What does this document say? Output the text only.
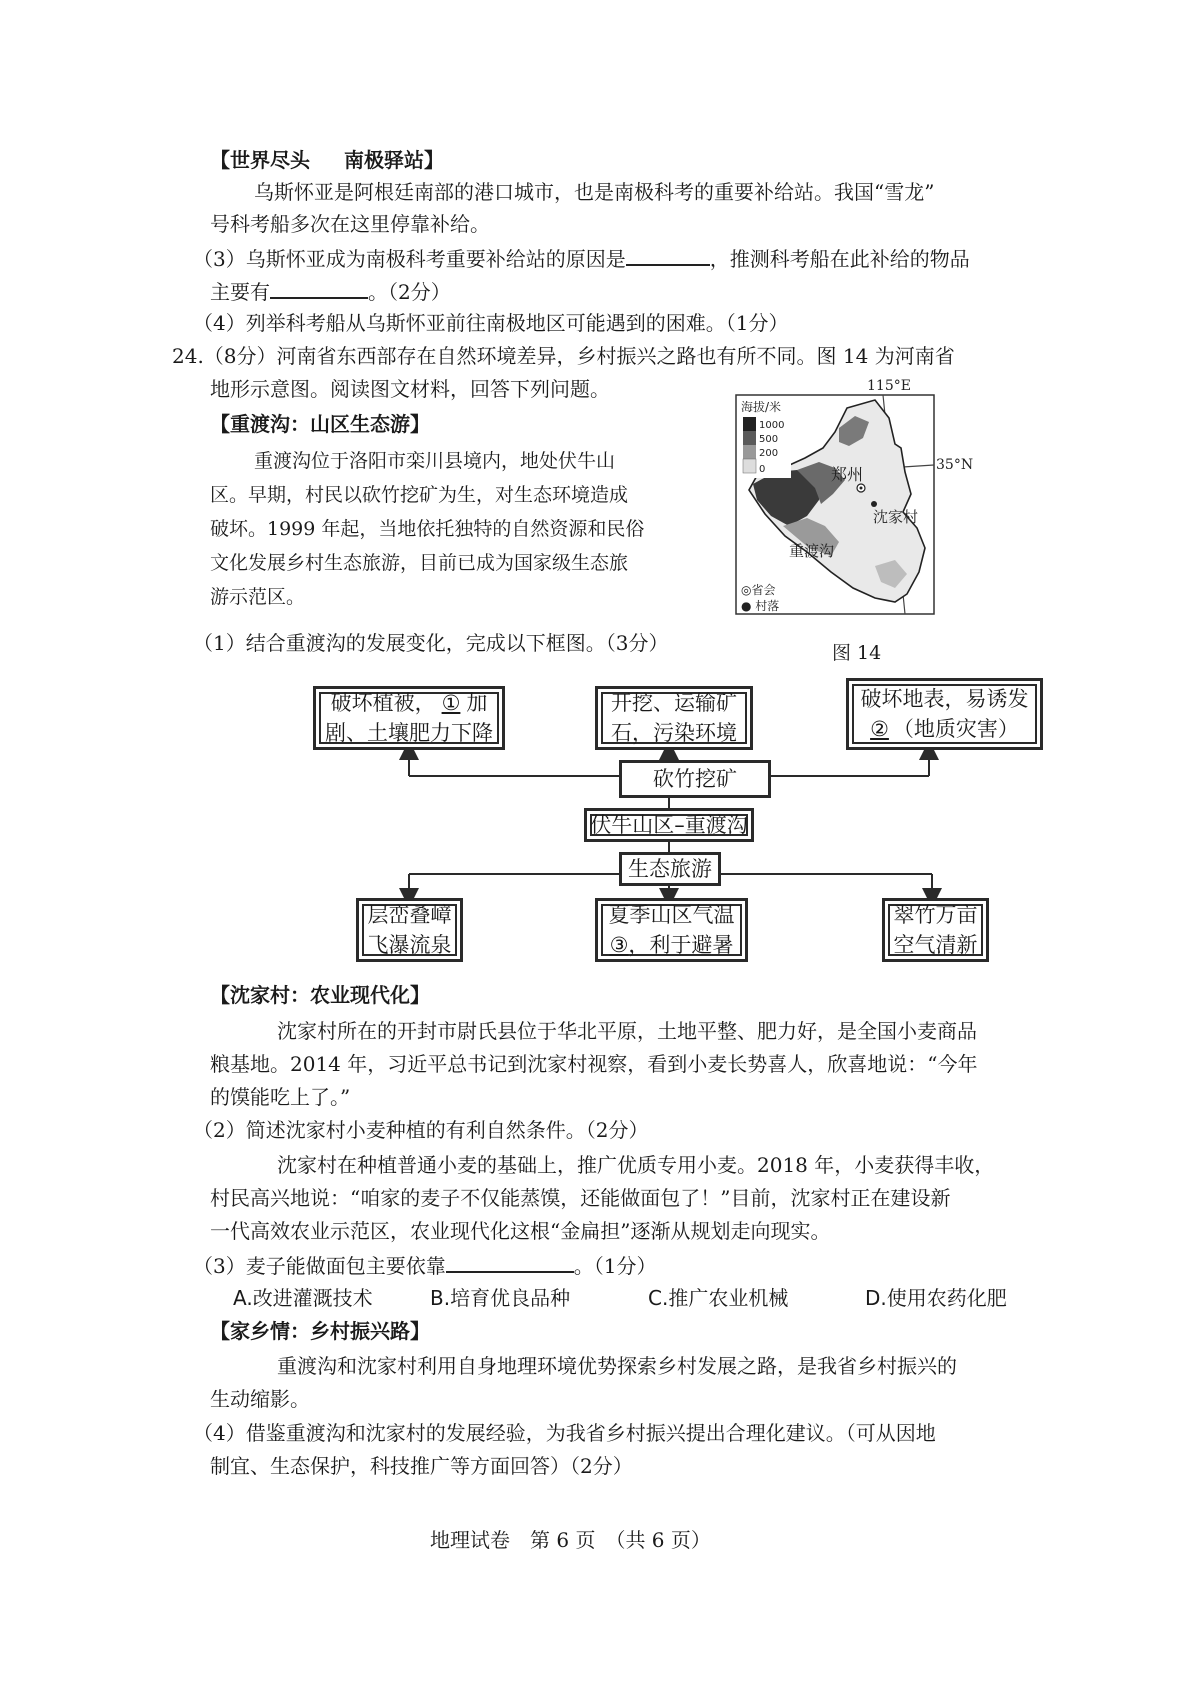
【世界尽头 南极驿站】
乌斯怀亚是阿根廷南部的港口城市，也是南极科考的重要补给站。我国“雪龙”
号科考船多次在这里停靠补给。
（3）乌斯怀亚成为南极科考重要补给站的原因是	，推测科考船在此补给的物品
主要有	。（2分）
（4）列举科考船从乌斯怀亚前往南极地区可能遇到的困难。（1分）
24.（8分）河南省东西部存在自然环境差异，乡村振兴之路也有所不同。图 14 为河南省
地形示意图。阅读图文材料，回答下列问题。
【重渡沟：山区生态游】
重渡沟位于洛阳市栾川县境内，地处伏牛山
区。早期，村民以砍竹挖矿为生，对生态环境造成
破坏。1999 年起，当地依托独特的自然资源和民俗
文化发展乡村生态旅游，目前已成为国家级生态旅
游示范区。
115°E
35°N
海拔/米
1000
500
200
0	郑州
沈家村
重渡沟
◎省会
● 村落
图 14
（1）结合重渡沟的发展变化，完成以下框图。（3分）
破坏植被， ① 加
剧、土壤肥力下降
开挖、运输矿
石，污染环境
破坏地表，易诱发
② （地质灾害）
砍竹挖矿
伏牛山区–重渡沟
生态旅游
层峦叠嶂
飞瀑流泉
夏季山区气温
③，利于避暑
翠竹万亩
空气清新
【沈家村：农业现代化】
沈家村所在的开封市尉氏县位于华北平原，土地平整、肥力好，是全国小麦商品
粮基地。2014 年，习近平总书记到沈家村视察，看到小麦长势喜人，欣喜地说：“今年
的馍能吃上了。”
（2）简述沈家村小麦种植的有利自然条件。（2分）
沈家村在种植普通小麦的基础上，推广优质专用小麦。2018 年，小麦获得丰收，
村民高兴地说：“咱家的麦子不仅能蒸馍，还能做面包了！”目前，沈家村正在建设新
一代高效农业示范区，农业现代化这根“金扁担”逐渐从规划走向现实。
（3）麦子能做面包主要依靠	。（1分）
A.改进灌溉技术	B.培育优良品种	C.推广农业机械	D.使用农药化肥
【家乡情：乡村振兴路】
重渡沟和沈家村利用自身地理环境优势探索乡村发展之路，是我省乡村振兴的
生动缩影。
（4）借鉴重渡沟和沈家村的发展经验，为我省乡村振兴提出合理化建议。（可从因地
制宜、生态保护，科技推广等方面回答）（2分）
地理试卷　第 6 页　（共 6 页）
